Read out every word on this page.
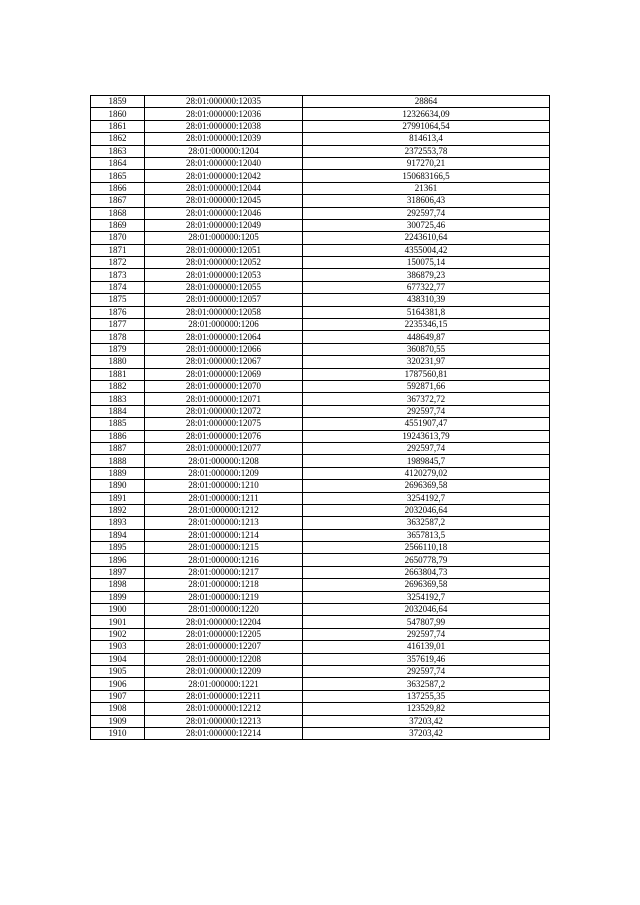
1859	28:01:000000:12035	28864
1860	28:01:000000:12036	12326634,09
1861	28:01:000000:12038	27991064,54
1862	28:01:000000:12039	814613,4
1863	28:01:000000:1204	2372553,78
1864	28:01:000000:12040	917270,21
1865	28:01:000000:12042	150683166,5
1866	28:01:000000:12044	21361
1867	28:01:000000:12045	318606,43
1868	28:01:000000:12046	292597,74
1869	28:01:000000:12049	300725,46
1870	28:01:000000:1205	2243610,64
1871	28:01:000000:12051	4355004,42
1872	28:01:000000:12052	150075,14
1873	28:01:000000:12053	386879,23
1874	28:01:000000:12055	677322,77
1875	28:01:000000:12057	438310,39
1876	28:01:000000:12058	5164381,8
1877	28:01:000000:1206	2235346,15
1878	28:01:000000:12064	448649,87
1879	28:01:000000:12066	360870,55
1880	28:01:000000:12067	320231,97
1881	28:01:000000:12069	1787560,81
1882	28:01:000000:12070	592871,66
1883	28:01:000000:12071	367372,72
1884	28:01:000000:12072	292597,74
1885	28:01:000000:12075	4551907,47
1886	28:01:000000:12076	19243613,79
1887	28:01:000000:12077	292597,74
1888	28:01:000000:1208	1989845,7
1889	28:01:000000:1209	4120279,02
1890	28:01:000000:1210	2696369,58
1891	28:01:000000:1211	3254192,7
1892	28:01:000000:1212	2032046,64
1893	28:01:000000:1213	3632587,2
1894	28:01:000000:1214	3657813,5
1895	28:01:000000:1215	2566110,18
1896	28:01:000000:1216	2650778,79
1897	28:01:000000:1217	2663804,73
1898	28:01:000000:1218	2696369,58
1899	28:01:000000:1219	3254192,7
1900	28:01:000000:1220	2032046,64
1901	28:01:000000:12204	547807,99
1902	28:01:000000:12205	292597,74
1903	28:01:000000:12207	416139,01
1904	28:01:000000:12208	357619,46
1905	28:01:000000:12209	292597,74
1906	28:01:000000:1221	3632587,2
1907	28:01:000000:12211	137255,35
1908	28:01:000000:12212	123529,82
1909	28:01:000000:12213	37203,42
1910	28:01:000000:12214	37203,42
